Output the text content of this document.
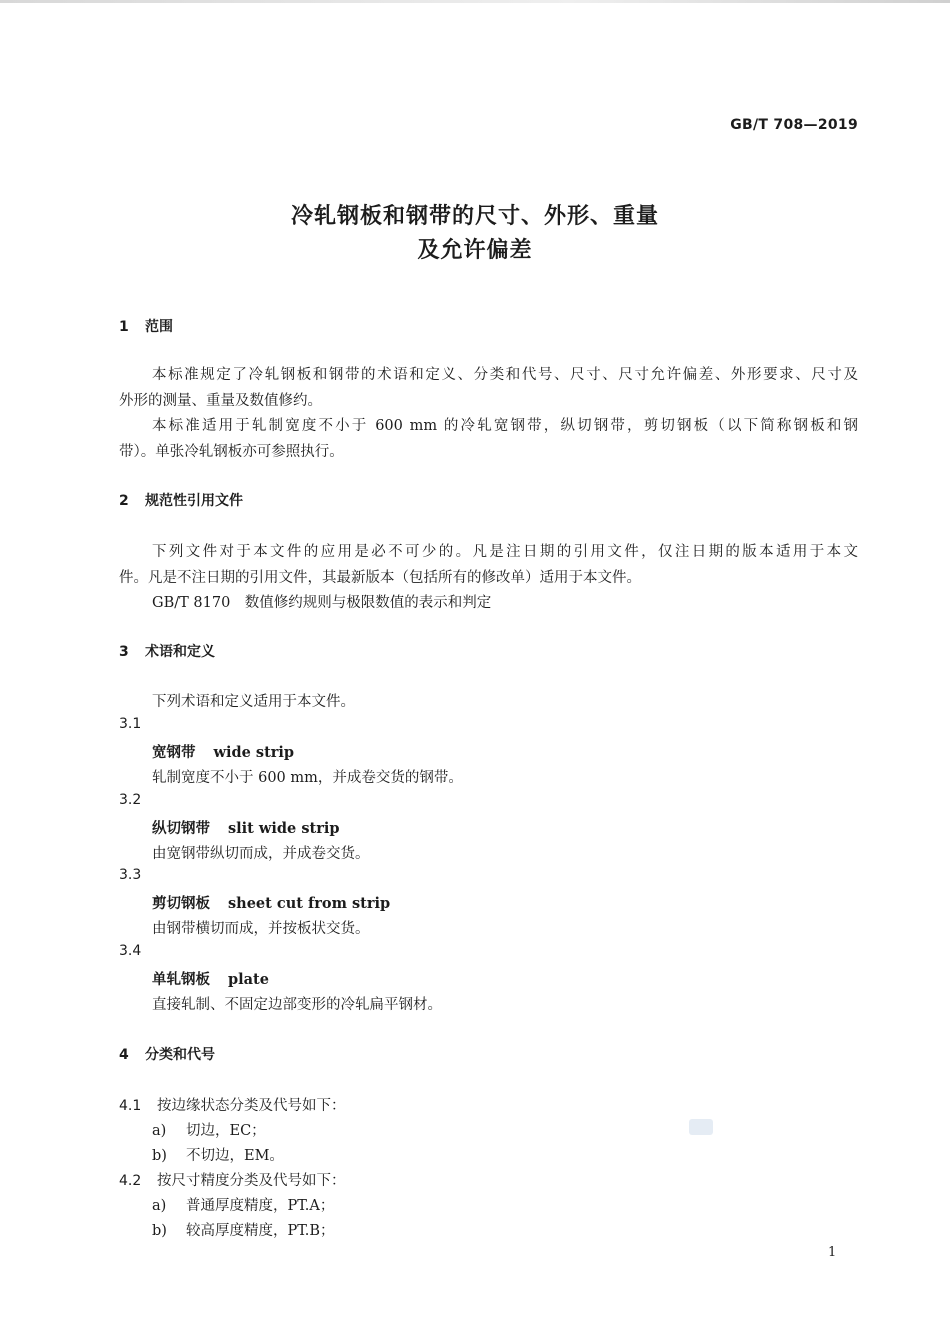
GB/T 708—2019
冷轧钢板和钢带的尺寸、外形、重量
及允许偏差
1 范围
本标准规定了冷轧钢板和钢带的术语和定义、分类和代号、尺寸、尺寸允许偏差、外形要求、尺寸及
外形的测量、重量及数值修约。
本标准适用于轧制宽度不小于 600 mm 的冷轧宽钢带，纵切钢带，剪切钢板（以下简称钢板和钢
带）。单张冷轧钢板亦可参照执行。
2 规范性引用文件
下列文件对于本文件的应用是必不可少的。凡是注日期的引用文件，仅注日期的版本适用于本文
件。凡是不注日期的引用文件，其最新版本（包括所有的修改单）适用于本文件。
GB/T 8170　数值修约规则与极限数值的表示和判定
3 术语和定义
下列术语和定义适用于本文件。
3.1
宽钢带 wide strip
轧制宽度不小于 600 mm，并成卷交货的钢带。
3.2
纵切钢带 slit wide strip
由宽钢带纵切而成，并成卷交货。
3.3
剪切钢板 sheet cut from strip
由钢带横切而成，并按板状交货。
3.4
单轧钢板 plate
直接轧制、不固定边部变形的冷轧扁平钢材。
4 分类和代号
4.1 按边缘状态分类及代号如下：
a) 切边，EC；
b) 不切边，EM。
4.2 按尺寸精度分类及代号如下：
a) 普通厚度精度，PT.A；
b) 较高厚度精度，PT.B；
1
